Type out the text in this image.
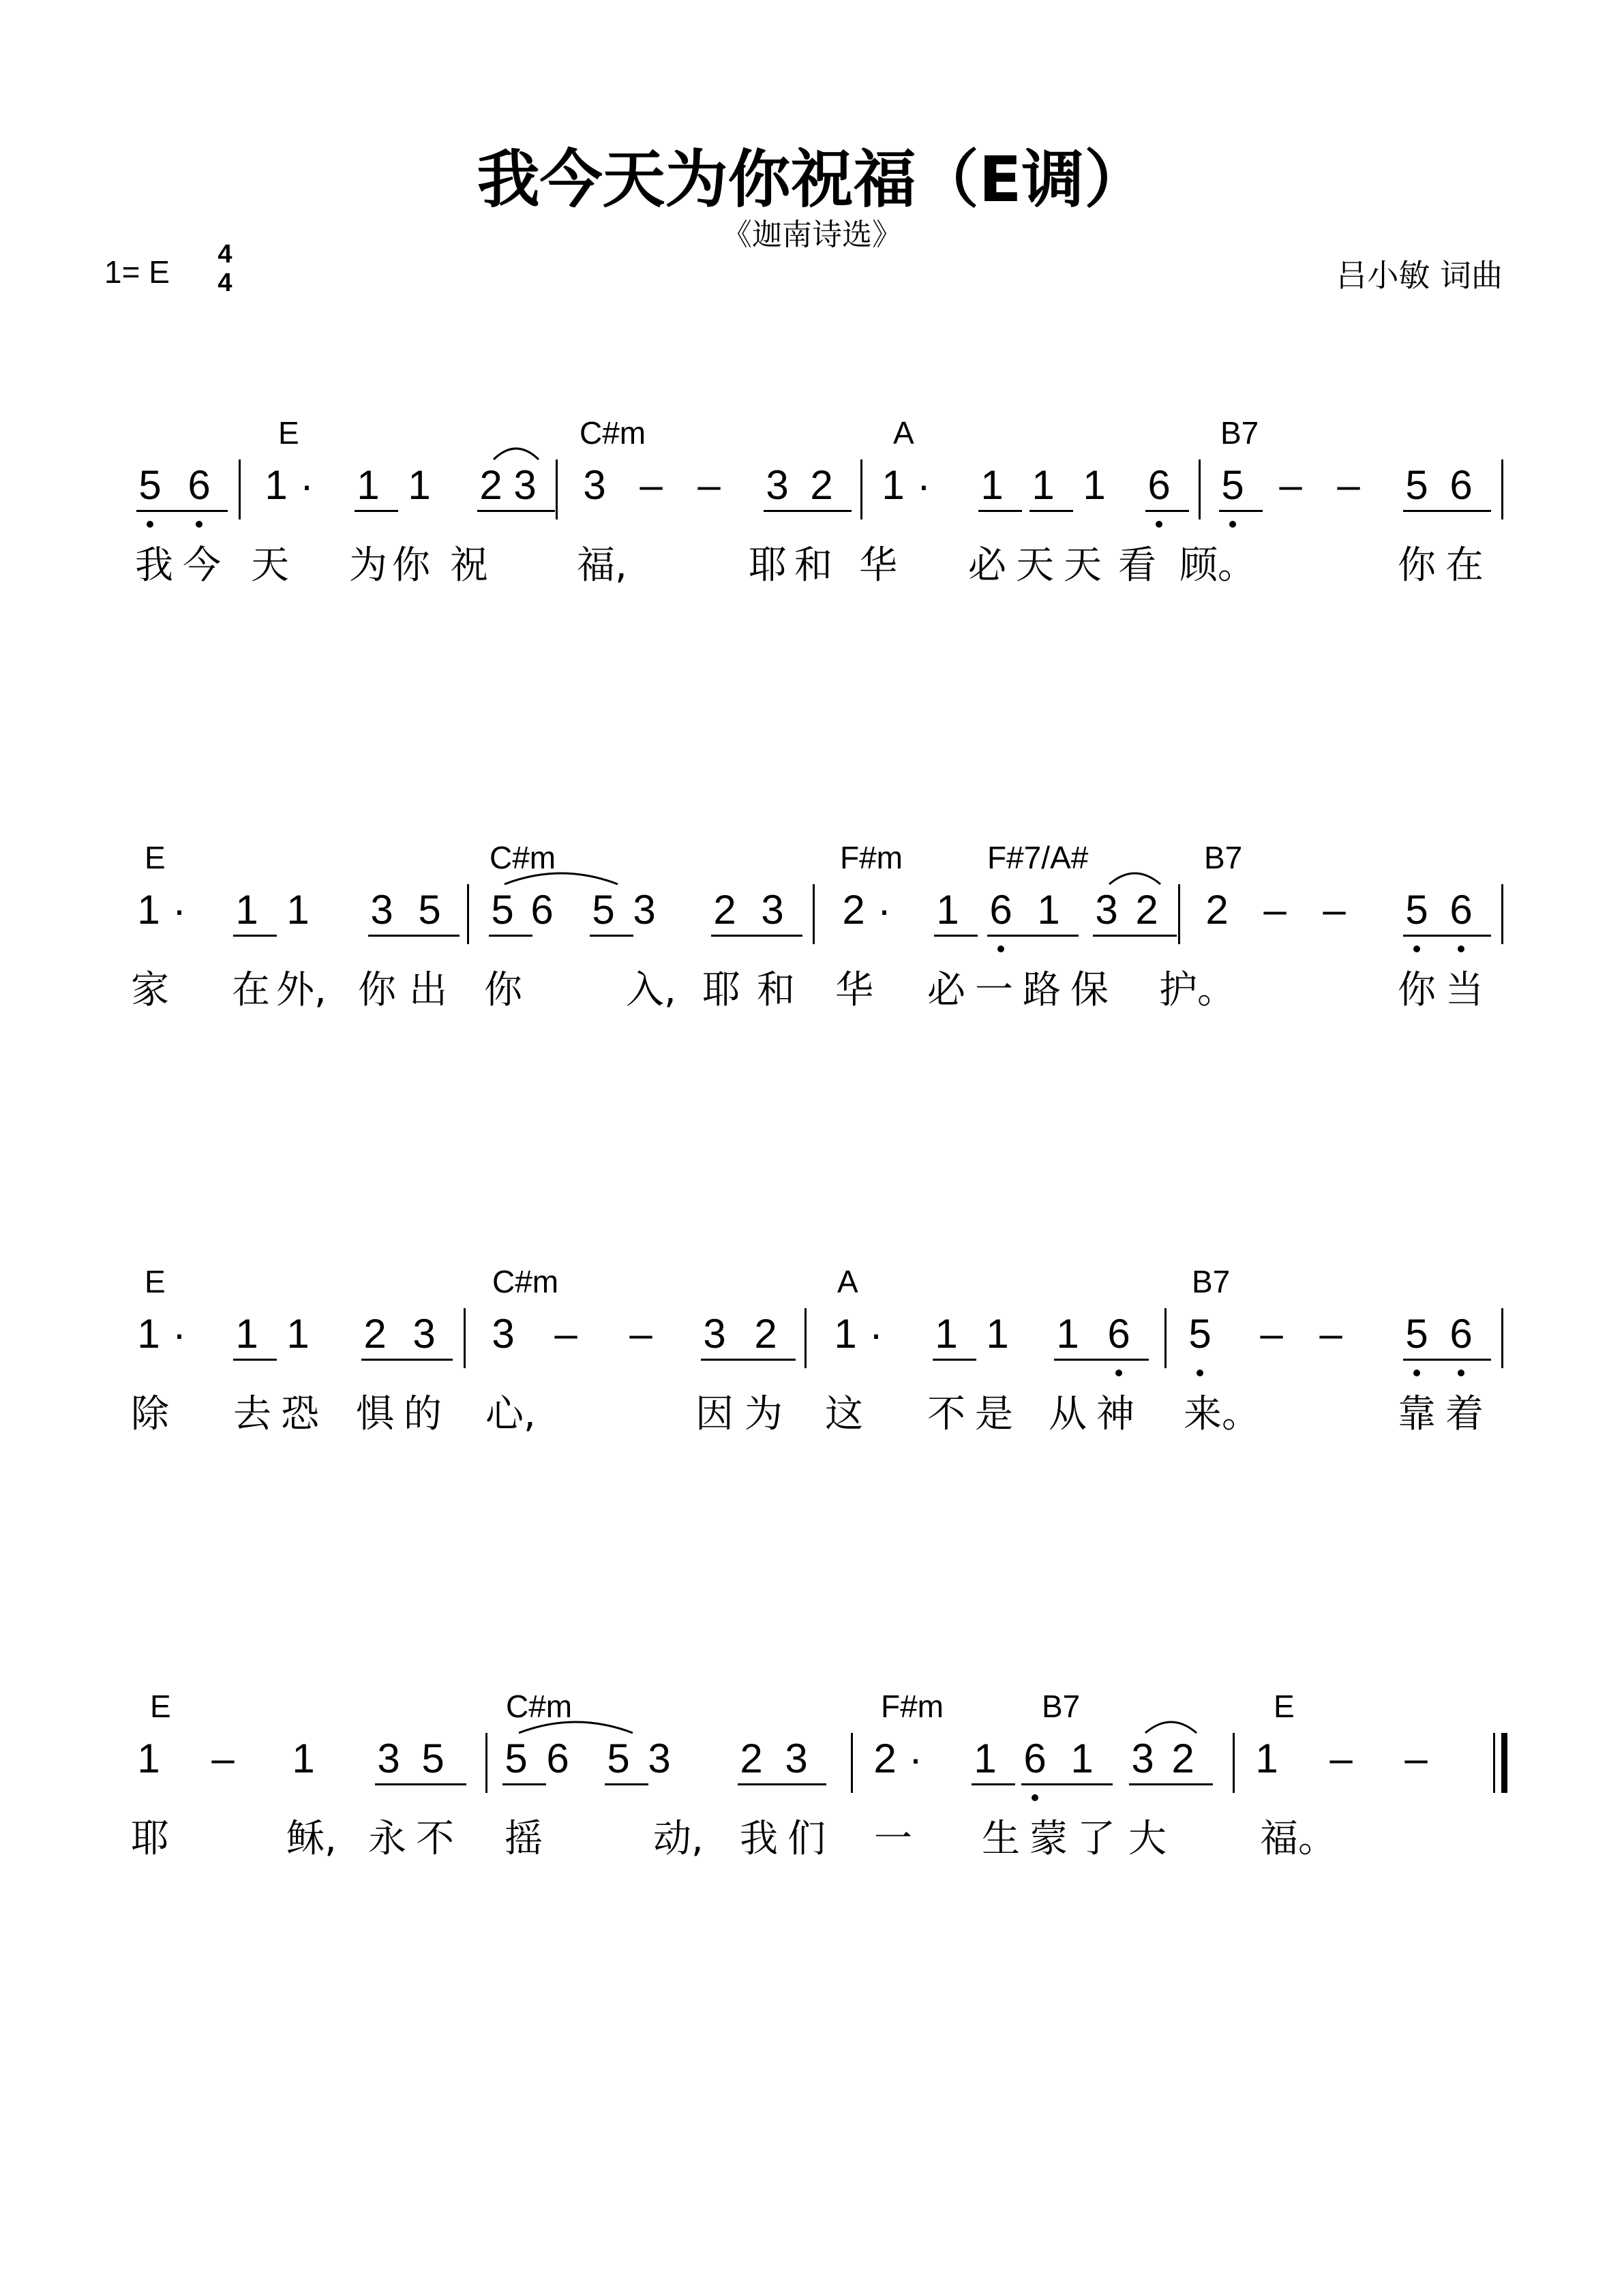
我今天为你祝福（E调）
《迦南诗选》
1= E 4
4	吕小敏 词曲
E	C#m	A	B7
5 6 1 · 1 1 2 3 3 – – 3 2 1 · 1 1 1 6 5 – – 5 6
我 今 天 为 你 祝 福,	耶 和 华 必 天 天 看 顾。	你 在
E	C#m	F#m	F#7/A#	B7
1 · 1 1 3 5 5 6 5 3 2 3 2 · 1 6 1 3 2 2 – – 5 6
家 在 外, 你 出 你	入, 耶 和 华 必 一 路 保 护。	你 当
E	C#m	A	B7
1 · 1 1 2 3 3 – – 3 2 1 · 1 1 1 6 5 – – 5 6
除 去 恐 惧 的 心,	因 为 这 不 是 从 神 来。	靠 着
E	C#m	F#m	B7	E
1 – 1 3 5 5 6 5 3 2 3 2 · 1 6 1 3 2 1 – –
耶	稣, 永 不 摇	动, 我 们 一 生 蒙 了 大 福。
